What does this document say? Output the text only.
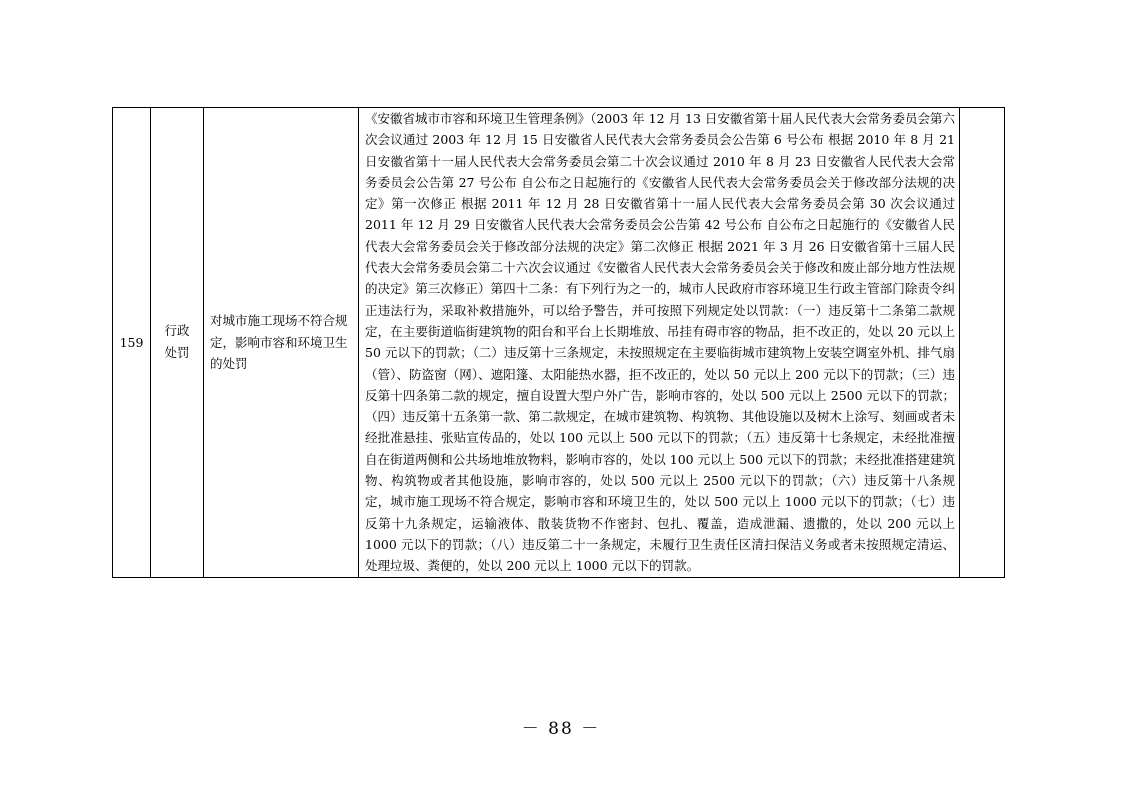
159	行政处罚	对城市施工现场不符合规定，影响市容和环境卫生的处罚	《安徽省城市市容和环境卫生管理条例》（2003 年 12 月 13 日安徽省第十届人民代表大会常务委员会第六次会议通过 2003 年 12 月 15 日安徽省人民代表大会常务委员会公告第 6 号公布 根据 2010 年 8 月 21 日安徽省第十一届人民代表大会常务委员会第二十次会议通过 2010 年 8 月 23 日安徽省人民代表大会常务委员会公告第 27 号公布 自公布之日起施行的《安徽省人民代表大会常务委员会关于修改部分法规的决定》第一次修正 根据 2011 年 12 月 28 日安徽省第十一届人民代表大会常务委员会第 30 次会议通过 2011 年 12 月 29 日安徽省人民代表大会常务委员会公告第 42 号公布 自公布之日起施行的《安徽省人民代表大会常务委员会关于修改部分法规的决定》第二次修正 根据 2021 年 3 月 26 日安徽省第十三届人民代表大会常务委员会第二十六次会议通过《安徽省人民代表大会常务委员会关于修改和废止部分地方性法规的决定》第三次修正）第四十二条：有下列行为之一的，城市人民政府市容环境卫生行政主管部门除责令纠正违法行为，采取补救措施外，可以给予警告，并可按照下列规定处以罚款：（一）违反第十二条第二款规定，在主要街道临街建筑物的阳台和平台上长期堆放、吊挂有碍市容的物品，拒不改正的，处以 20 元以上 50 元以下的罚款；（二）违反第十三条规定，未按照规定在主要临街城市建筑物上安装空调室外机、排气扇（管）、防盗窗（网）、遮阳篷、太阳能热水器，拒不改正的，处以 50 元以上 200 元以下的罚款；（三）违反第十四条第二款的规定，擅自设置大型户外广告，影响市容的，处以 500 元以上 2500 元以下的罚款；（四）违反第十五条第一款、第二款规定，在城市建筑物、构筑物、其他设施以及树木上涂写、刻画或者未经批准悬挂、张贴宣传品的，处以 100 元以上 500 元以下的罚款；（五）违反第十七条规定，未经批准擅自在街道两侧和公共场地堆放物料，影响市容的，处以 100 元以上 500 元以下的罚款；未经批准搭建建筑物、构筑物或者其他设施，影响市容的，处以 500 元以上 2500 元以下的罚款；（六）违反第十八条规定，城市施工现场不符合规定，影响市容和环境卫生的，处以 500 元以上 1000 元以下的罚款；（七）违反第十九条规定，运输液体、散装货物不作密封、包扎、覆盖，造成泄漏、遗撒的，处以 200 元以上 1000 元以下的罚款；（八）违反第二十一条规定，未履行卫生责任区清扫保洁义务或者未按照规定清运、处理垃圾、粪便的，处以 200 元以上 1000 元以下的罚款。	
－ 88 －
